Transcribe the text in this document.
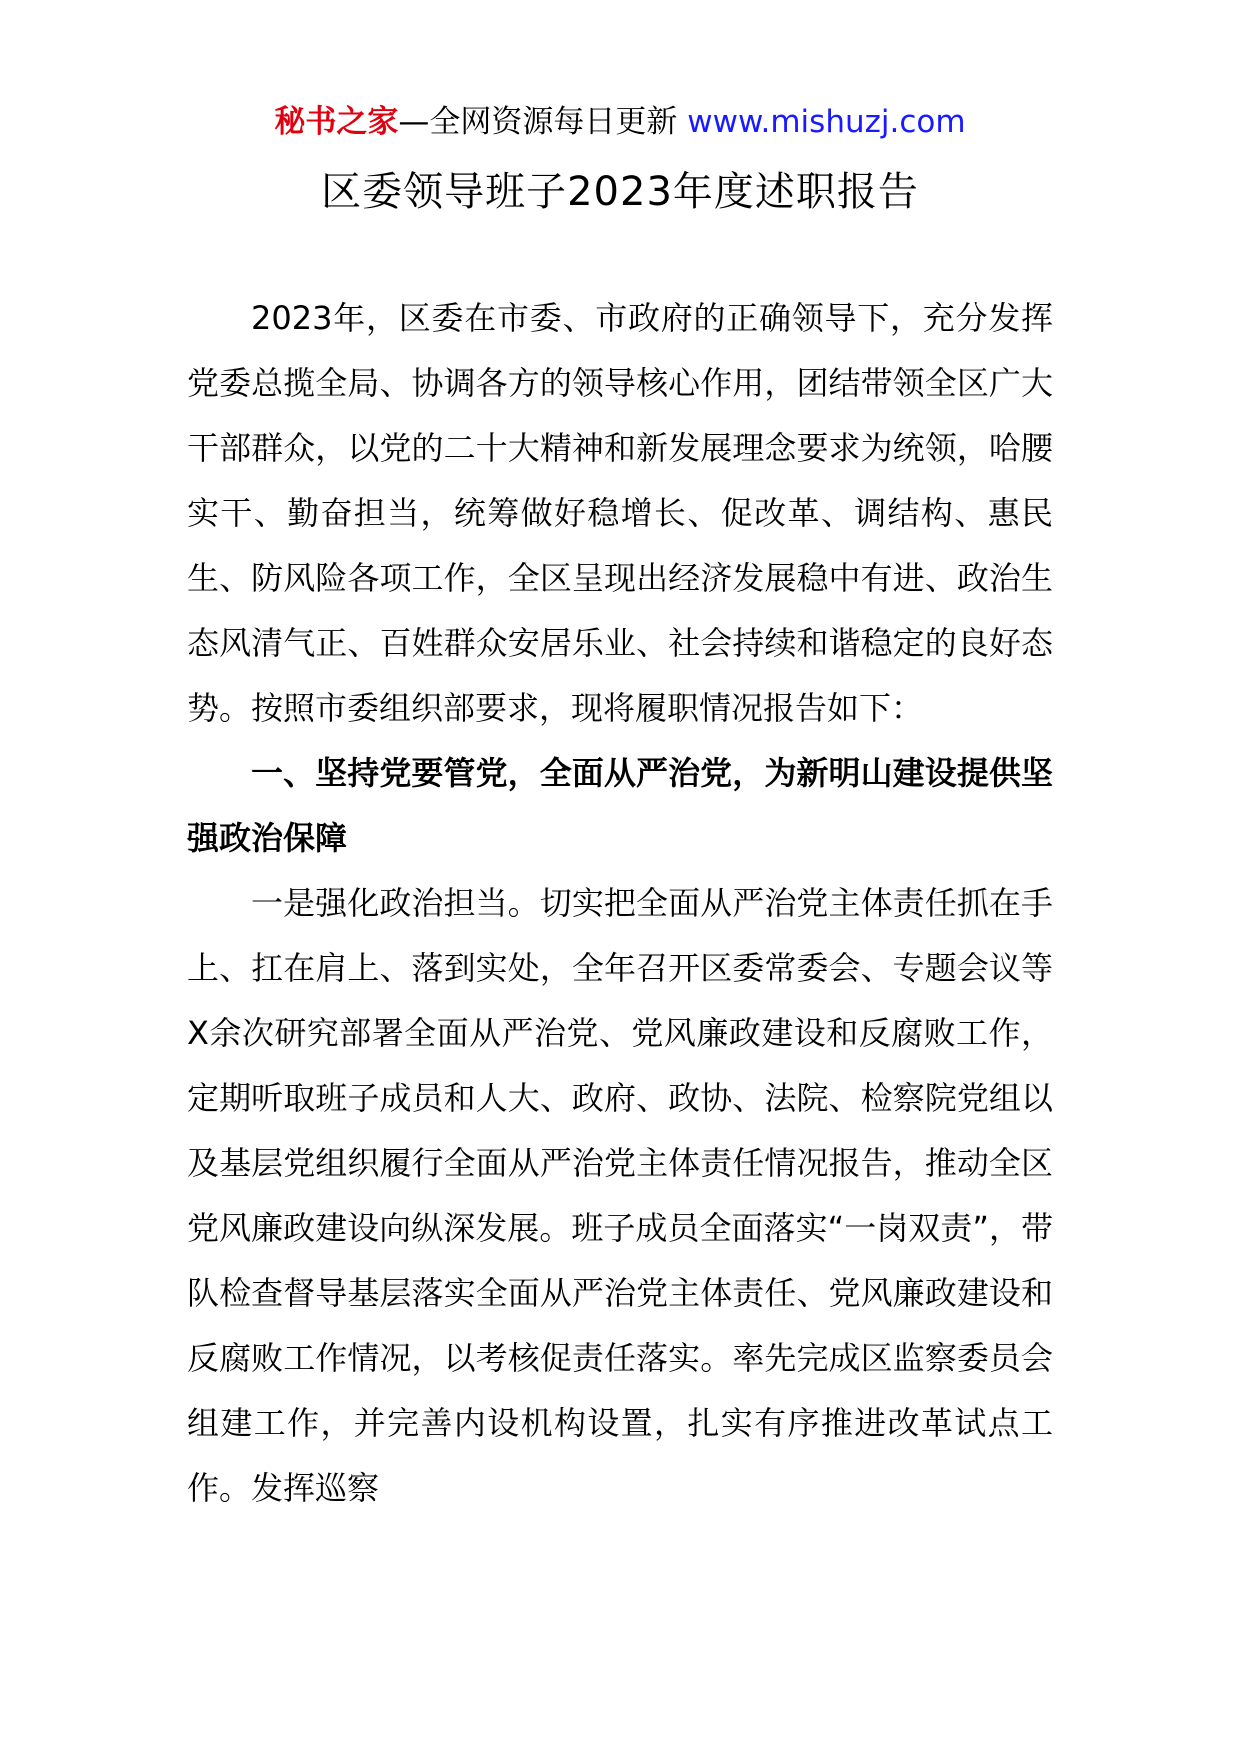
秘书之家—全网资源每日更新 www.mishuzj.com
区委领导班子2023年度述职报告

2023年，区委在市委、市政府的正确领导下，充分发挥党委总揽全局、协调各方的领导核心作用，团结带领全区广大干部群众，以党的二十大精神和新发展理念要求为统领，哈腰实干、勤奋担当，统筹做好稳增长、促改革、调结构、惠民生、防风险各项工作，全区呈现出经济发展稳中有进、政治生态风清气正、百姓群众安居乐业、社会持续和谐稳定的良好态势。按照市委组织部要求，现将履职情况报告如下：

一、坚持党要管党，全面从严治党，为新明山建设提供坚强政治保障

一是强化政治担当。切实把全面从严治党主体责任抓在手上、扛在肩上、落到实处，全年召开区委常委会、专题会议等X余次研究部署全面从严治党、党风廉政建设和反腐败工作，定期听取班子成员和人大、政府、政协、法院、检察院党组以及基层党组织履行全面从严治党主体责任情况报告，推动全区党风廉政建设向纵深发展。班子成员全面落实“一岗双责”，带队检查督导基层落实全面从严治党主体责任、党风廉政建设和反腐败工作情况，以考核促责任落实。率先完成区监察委员会组建工作，并完善内设机构设置，扎实有序推进改革试点工作。发挥巡察
